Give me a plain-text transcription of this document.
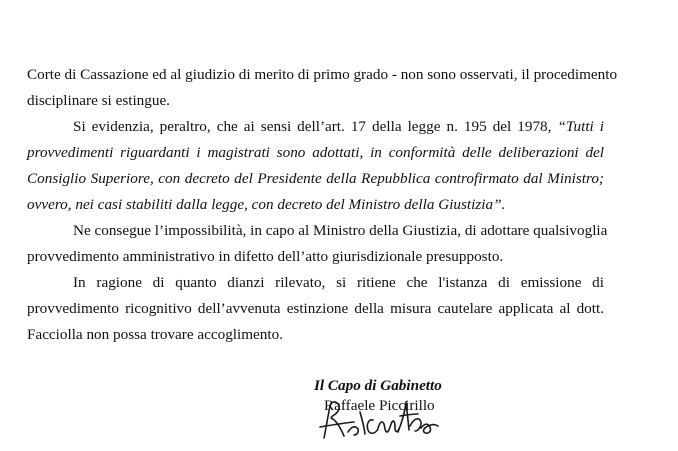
Corte di Cassazione ed al giudizio di merito di primo grado - non sono osservati, il procedimento
disciplinare si estingue.
Si evidenzia, peraltro, che ai sensi dell’art. 17 della legge n. 195 del 1978, “Tutti i
provvedimenti riguardanti i magistrati sono adottati, in conformità delle deliberazioni del
Consiglio Superiore, con decreto del Presidente della Repubblica controfirmato dal Ministro;
ovvero, nei casi stabiliti dalla legge, con decreto del Ministro della Giustizia”.
Ne consegue l’impossibilità, in capo al Ministro della Giustizia, di adottare qualsivoglia
provvedimento amministrativo in difetto dell’atto giurisdizionale presupposto.
In ragione di quanto dianzi rilevato, si ritiene che l'istanza di emissione di
provvedimento ricognitivo dell’avvenuta estinzione della misura cautelare applicata al dott.
Facciolla non possa trovare accoglimento.
Il Capo di Gabinetto
Raffaele Piccirillo
